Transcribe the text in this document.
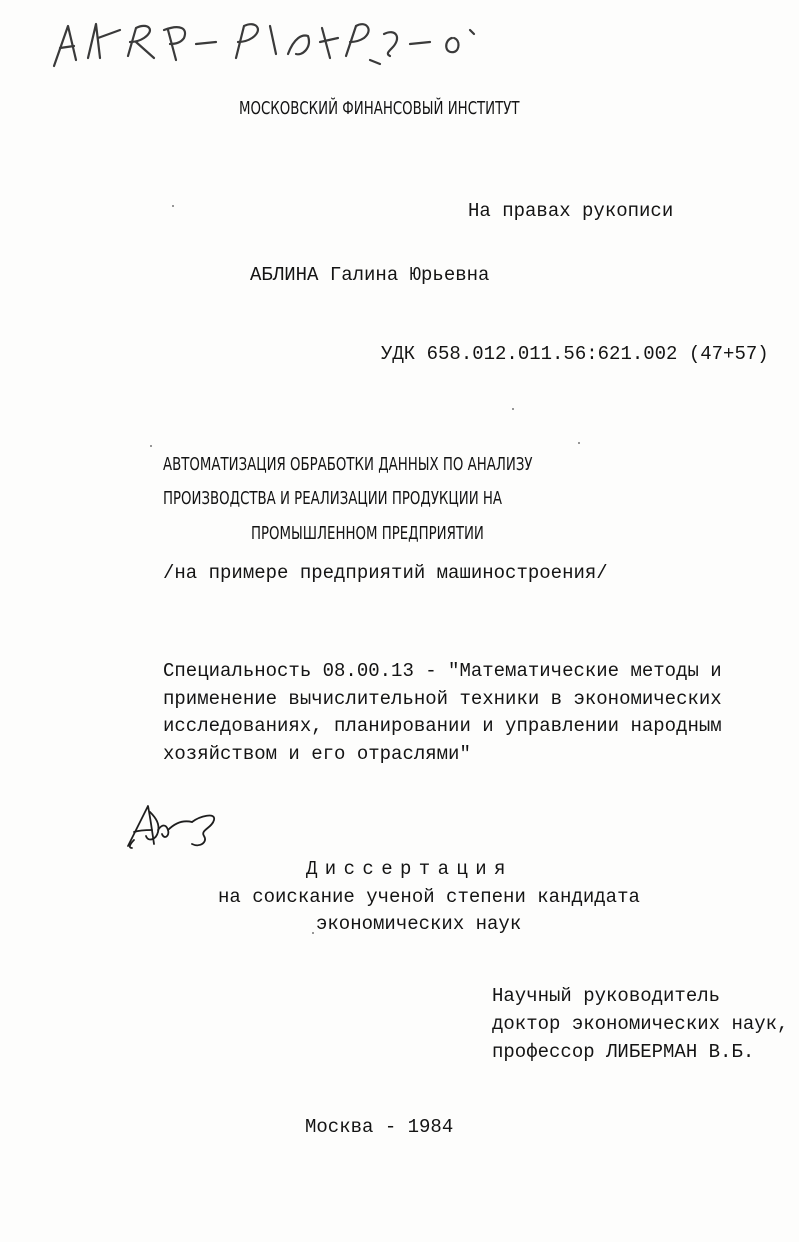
61:65-8/1092-6

МОСКОВСКИЙ ФИНАНСОВЫЙ ИНСТИТУТ

На правах рукописи

АБЛИНА Галина Юрьевна

УДК 658.012.011.56:621.002 (47+57)

АВТОМАТИЗАЦИЯ ОБРАБОТКИ ДАННЫХ ПО АНАЛИЗУ

ПРОИЗВОДСТВА И РЕАЛИЗАЦИИ ПРОДУКЦИИ НА

ПРОМЫШЛЕННОМ ПРЕДПРИЯТИИ

/на примере предприятий машиностроения/

Специальность 08.00.13 - "Математические методы и

применение вычислительной техники в экономических

исследованиях, планировании и управлении народным

хозяйством и его отраслями"

Диссертация

на соискание ученой степени кандидата

экономических наук

Научный руководитель

доктор экономических наук,

профессор ЛИБЕРМАН В.Б.

Москва - 1984
